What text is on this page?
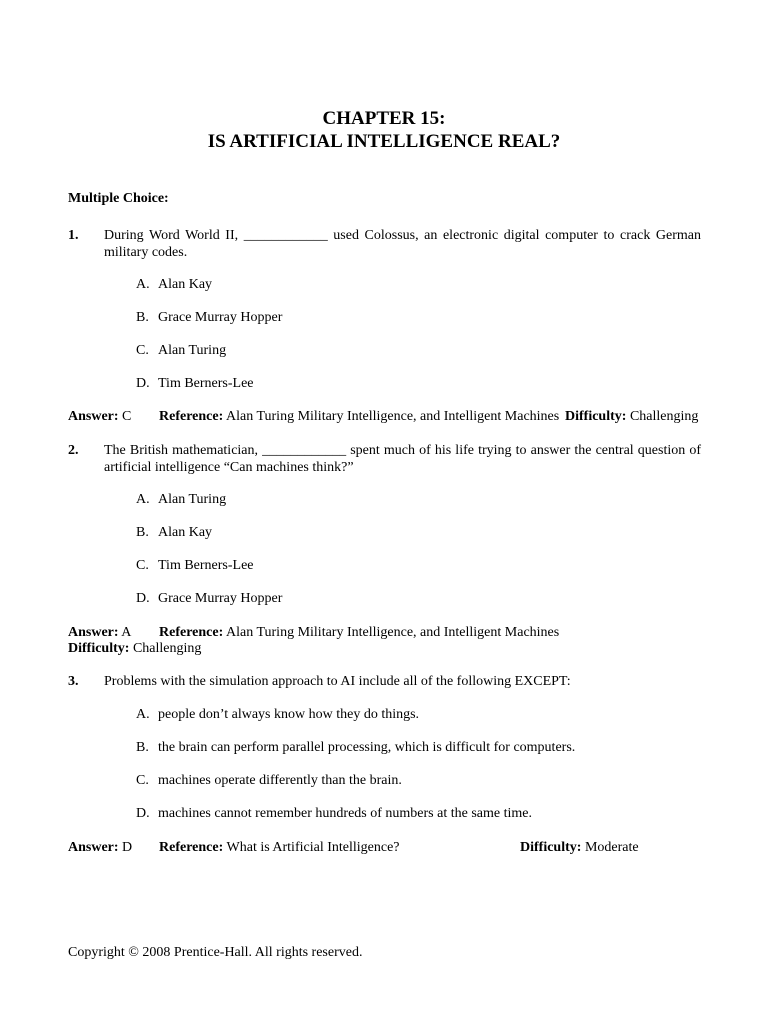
CHAPTER 15:
IS ARTIFICIAL INTELLIGENCE REAL?
Multiple Choice:
1. During Word World II, ____________ used Colossus, an electronic digital computer to crack German military codes.
A. Alan Kay
B. Grace Murray Hopper
C. Alan Turing
D. Tim Berners-Lee
Answer: C Reference: Alan Turing Military Intelligence, and Intelligent Machines Difficulty: Challenging
2. The British mathematician, ____________ spent much of his life trying to answer the central question of artificial intelligence “Can machines think?”
A. Alan Turing
B. Alan Kay
C. Tim Berners-Lee
D. Grace Murray Hopper
Answer: A Reference: Alan Turing Military Intelligence, and Intelligent Machines
Difficulty: Challenging
3. Problems with the simulation approach to AI include all of the following EXCEPT:
A. people don’t always know how they do things.
B. the brain can perform parallel processing, which is difficult for computers.
C. machines operate differently than the brain.
D. machines cannot remember hundreds of numbers at the same time.
Answer: D Reference: What is Artificial Intelligence?	Difficulty: Moderate
Copyright © 2008 Prentice-Hall. All rights reserved.
